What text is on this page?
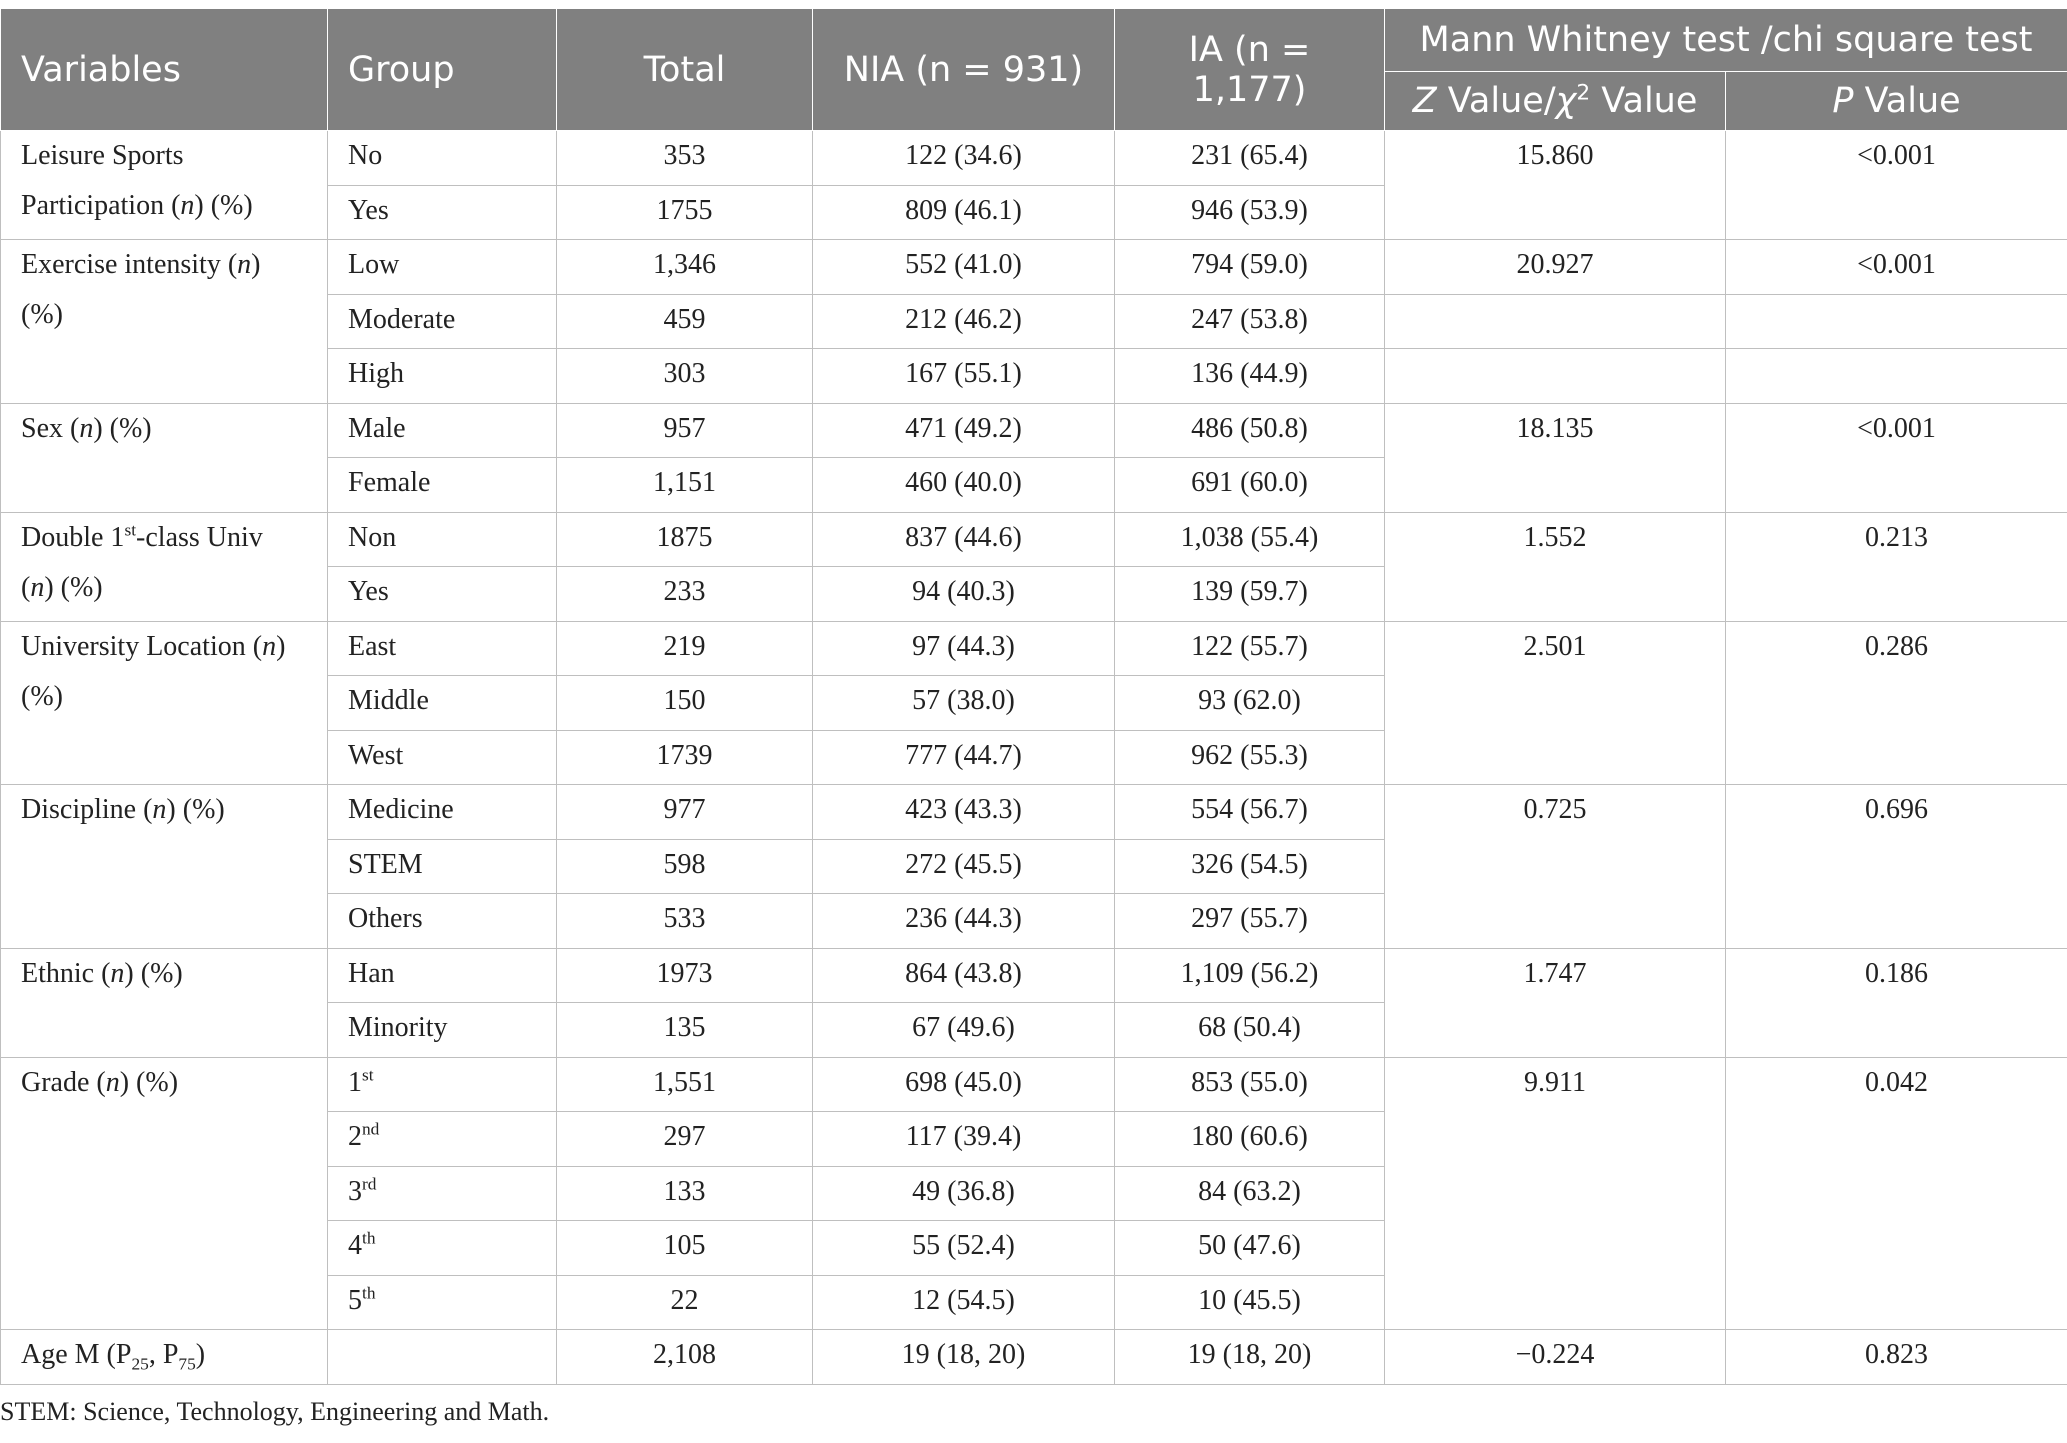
Variables	Group	Total	NIA (n = 931)	IA (n = 1,177)	Mann Whitney test /chi square test	
					Z Value/$\chi^2$ Value	P Value
Leisure Sports
Participation (n) (%)	No	353	122 (34.6)	231 (65.4)	15.860	<0.001
	Yes	1755	809 (46.1)	946 (53.9)		
Exercise intensity (n)
(%)	Low	1,346	552 (41.0)	794 (59.0)	20.927	<0.001
	Moderate	459	212 (46.2)	247 (53.8)		
	High	303	167 (55.1)	136 (44.9)		
Sex (n) (%)	Male	957	471 (49.2)	486 (50.8)	18.135	<0.001
	Female	1,151	460 (40.0)	691 (60.0)		
Double 1st-class Univ
(n) (%)	Non	1875	837 (44.6)	1,038 (55.4)	1.552	0.213
	Yes	233	94 (40.3)	139 (59.7)		
University Location (n)
(%)	East	219	97 (44.3)	122 (55.7)	2.501	0.286
	Middle	150	57 (38.0)	93 (62.0)		
	West	1739	777 (44.7)	962 (55.3)		
Discipline (n) (%)	Medicine	977	423 (43.3)	554 (56.7)	0.725	0.696
	STEM	598	272 (45.5)	326 (54.5)		
	Others	533	236 (44.3)	297 (55.7)		
Ethnic (n) (%)	Han	1973	864 (43.8)	1,109 (56.2)	1.747	0.186
	Minority	135	67 (49.6)	68 (50.4)		
Grade (n) (%)	1st	1,551	698 (45.0)	853 (55.0)	9.911	0.042
	2nd	297	117 (39.4)	180 (60.6)		
	3rd	133	49 (36.8)	84 (63.2)		
	4th	105	55 (52.4)	50 (47.6)		
	5th	22	12 (54.5)	10 (45.5)		
Age M ($P_{25}$, $P_{75}$)		2,108	19 (18, 20)	19 (18, 20)	−0.224	0.823
STEM: Science, Technology, Engineering and Math.
